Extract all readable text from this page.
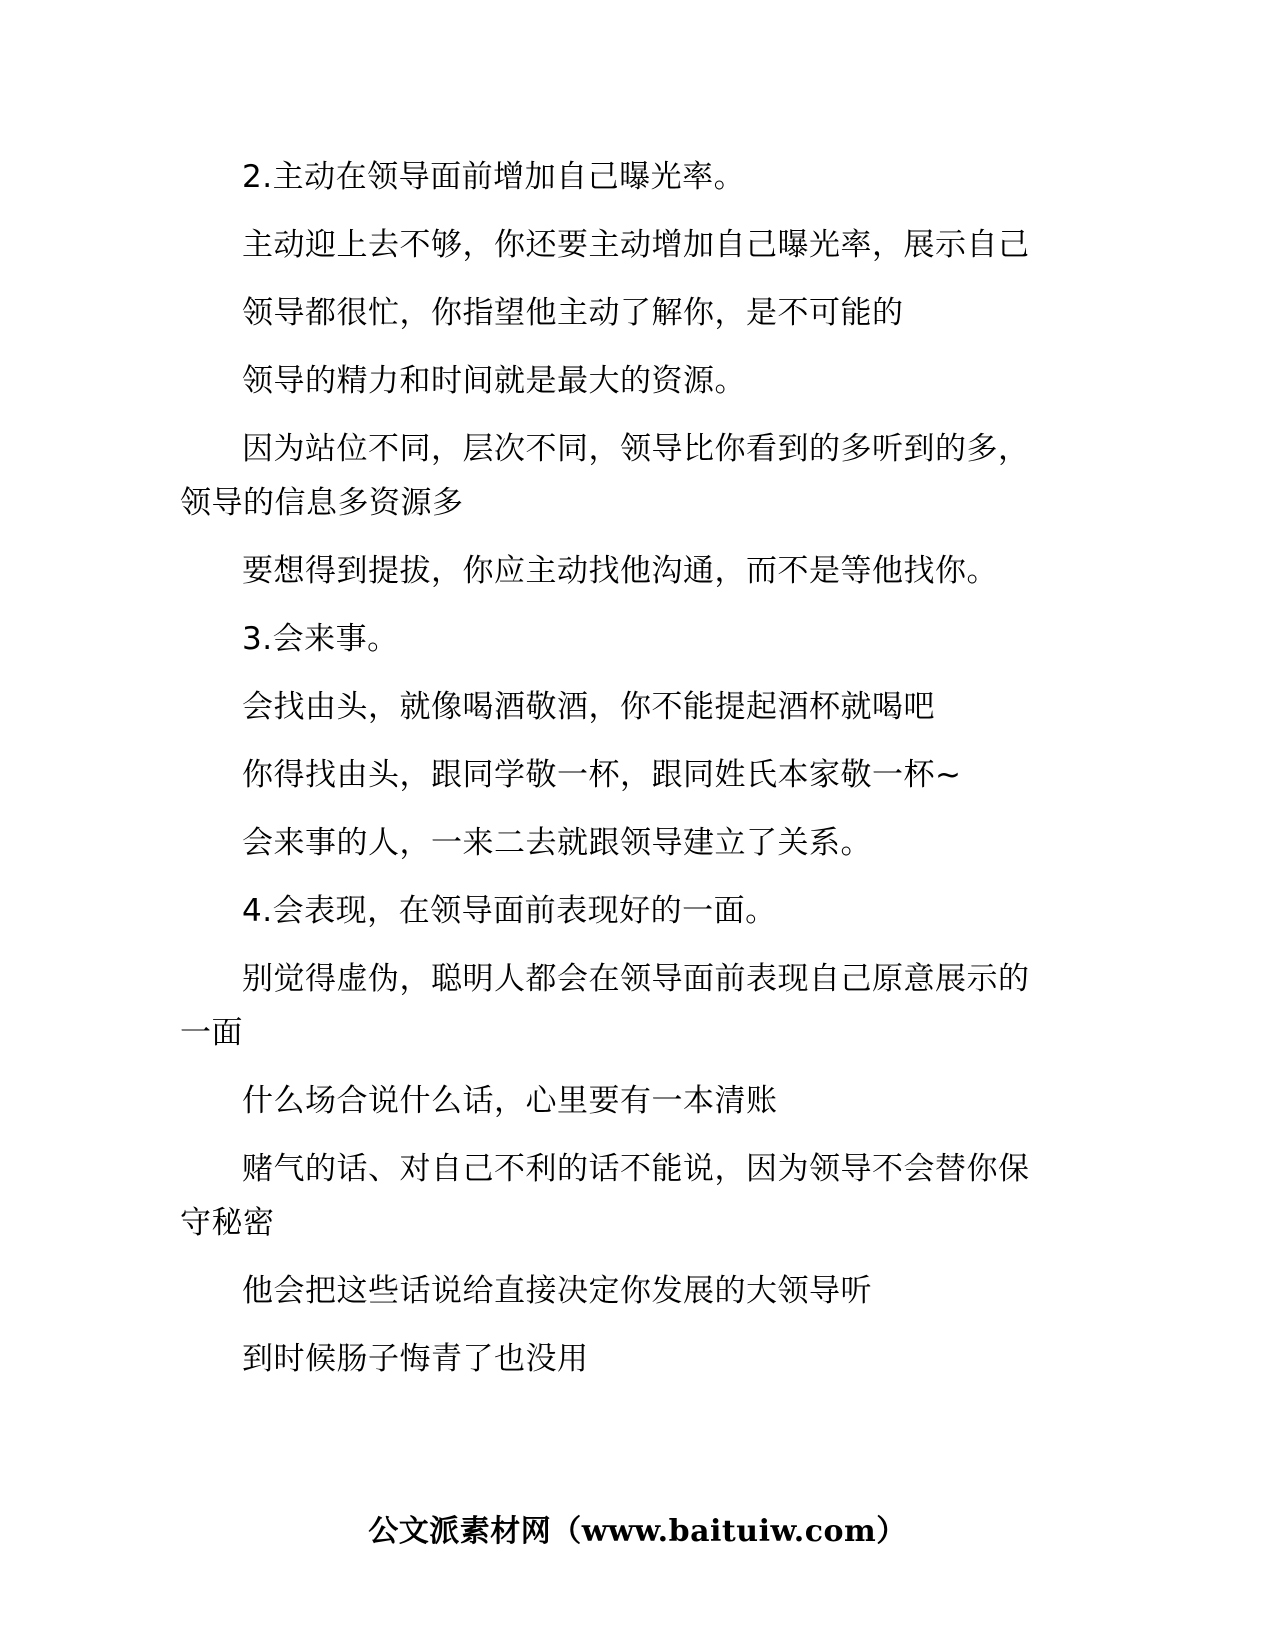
2.主动在领导面前增加自己曝光率。

主动迎上去不够，你还要主动增加自己曝光率，展示自己

领导都很忙，你指望他主动了解你，是不可能的

领导的精力和时间就是最大的资源。

因为站位不同，层次不同，领导比你看到的多听到的多，领导的信息多资源多

要想得到提拔，你应主动找他沟通，而不是等他找你。

3.会来事。

会找由头，就像喝酒敬酒，你不能提起酒杯就喝吧

你得找由头，跟同学敬一杯，跟同姓氏本家敬一杯~

会来事的人，一来二去就跟领导建立了关系。

4.会表现，在领导面前表现好的一面。

别觉得虚伪，聪明人都会在领导面前表现自己原意展示的一面

什么场合说什么话，心里要有一本清账

赌气的话、对自己不利的话不能说，因为领导不会替你保守秘密

他会把这些话说给直接决定你发展的大领导听

到时候肠子悔青了也没用

公文派素材网（www.baituiw.com）
